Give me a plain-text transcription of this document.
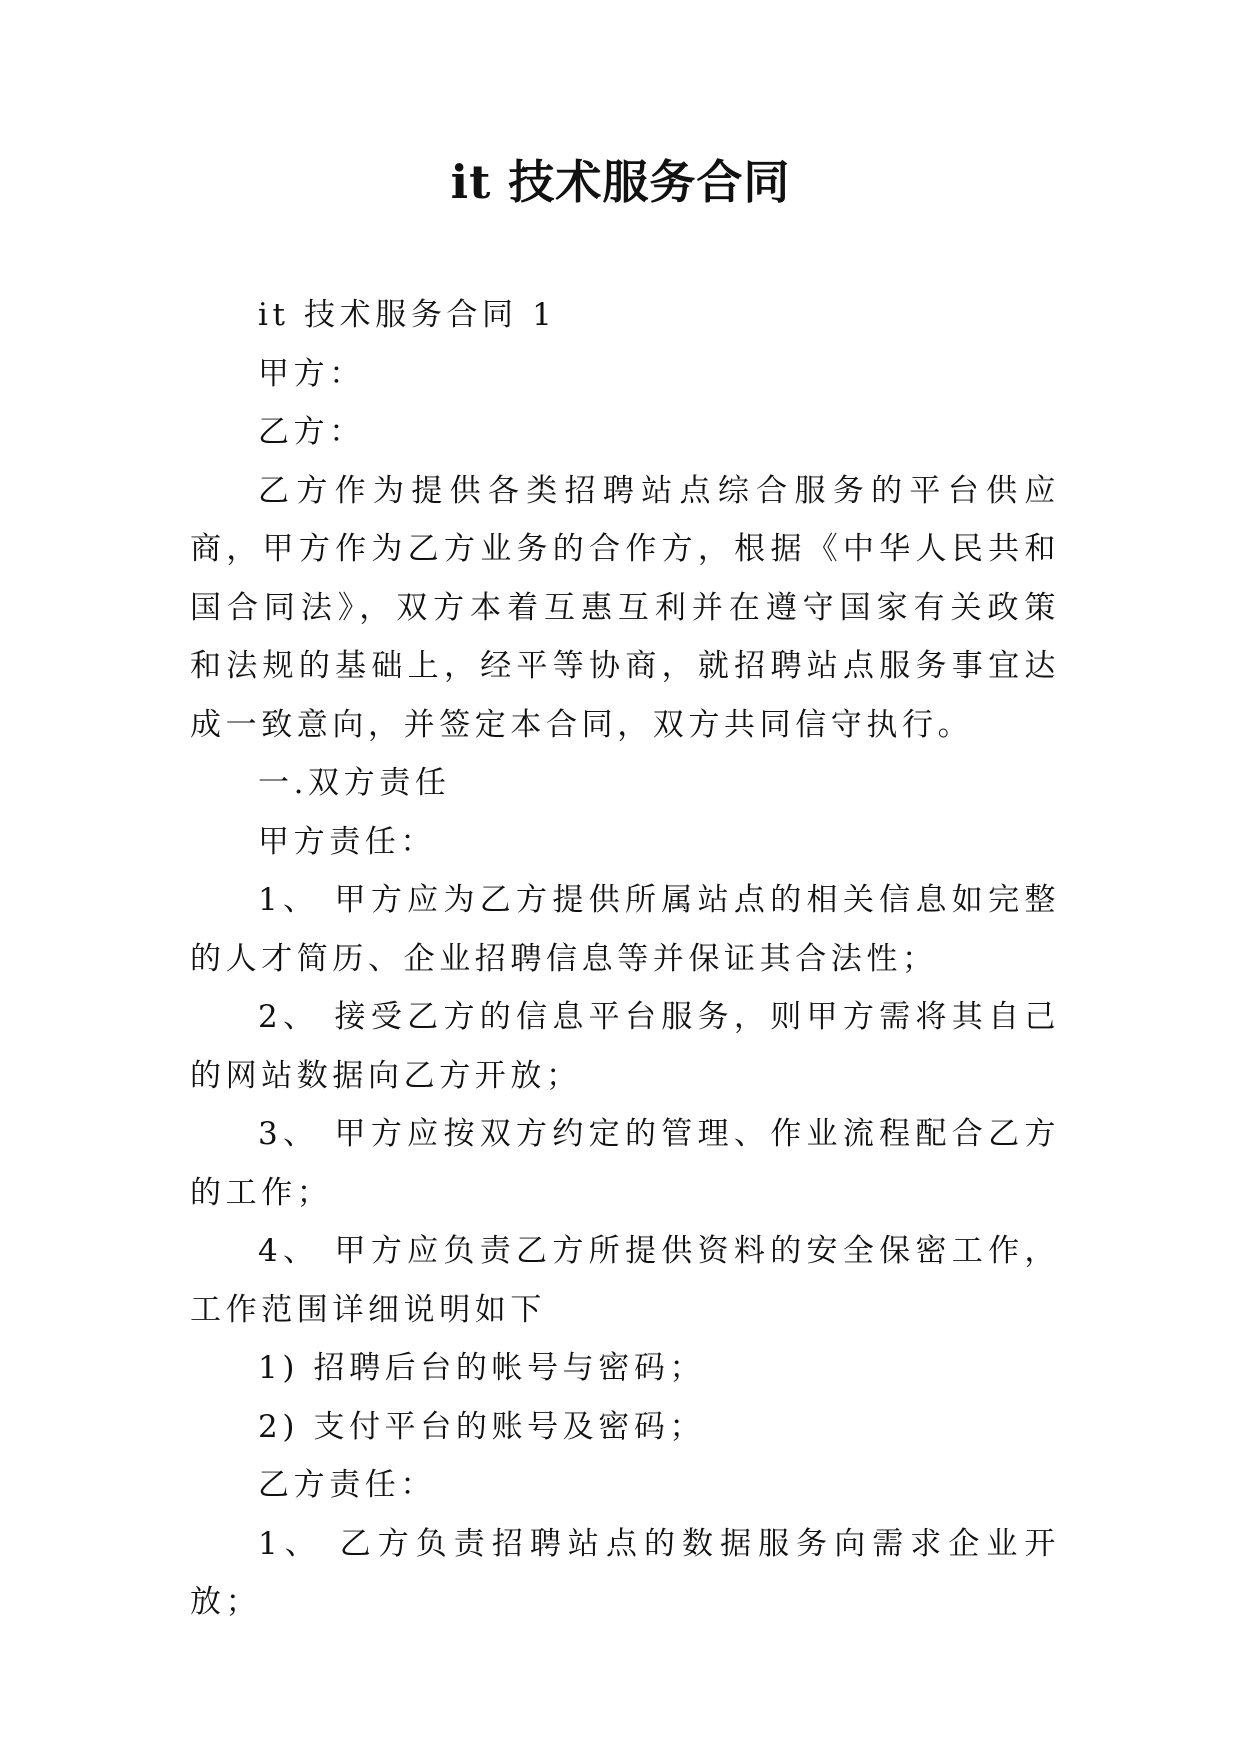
it 技术服务合同

it 技术服务合同 1

甲方：

乙方：

乙方作为提供各类招聘站点综合服务的平台供应商，甲方作为乙方业务的合作方，根据《中华人民共和国合同法》，双方本着互惠互利并在遵守国家有关政策和法规的基础上，经平等协商，就招聘站点服务事宜达成一致意向，并签定本合同，双方共同信守执行。

一.双方责任

甲方责任：

1、 甲方应为乙方提供所属站点的相关信息如完整的人才简历、企业招聘信息等并保证其合法性；

2、 接受乙方的信息平台服务，则甲方需将其自己的网站数据向乙方开放；

3、 甲方应按双方约定的管理、作业流程配合乙方的工作；

4、 甲方应负责乙方所提供资料的安全保密工作，工作范围详细说明如下

1) 招聘后台的帐号与密码；

2) 支付平台的账号及密码；

乙方责任：

1、 乙方负责招聘站点的数据服务向需求企业开放；
